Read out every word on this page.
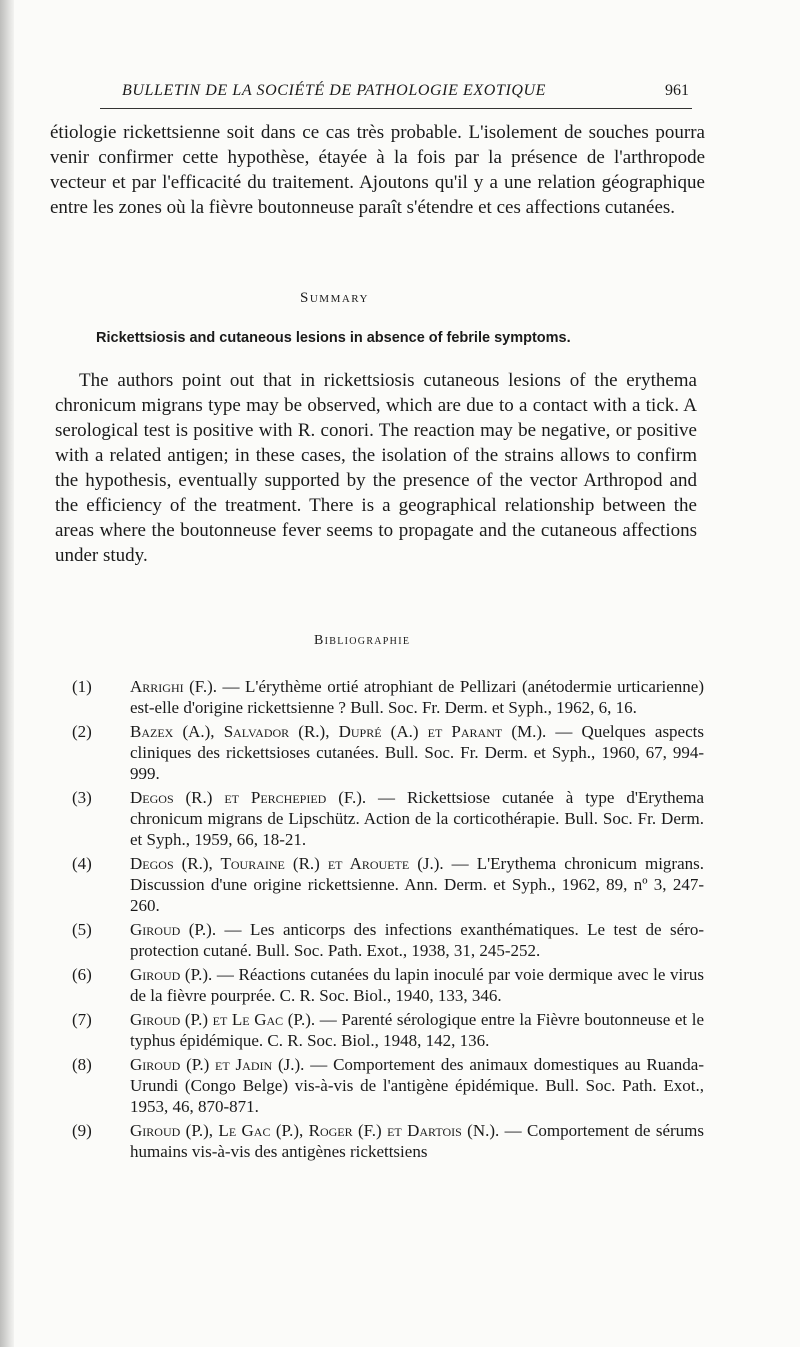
BULLETIN DE LA SOCIÉTÉ DE PATHOLOGIE EXOTIQUE	961

étiologie rickettsienne soit dans ce cas très probable. L'isolement de souches pourra venir confirmer cette hypothèse, étayée à la fois par la présence de l'arthropode vecteur et par l'efficacité du traitement. Ajoutons qu'il y a une relation géographique entre les zones où la fièvre boutonneuse paraît s'étendre et ces affections cutanées.

Summary
Rickettsiosis and cutaneous lesions in absence of febrile symptoms.

The authors point out that in rickettsiosis cutaneous lesions of the erythema chronicum migrans type may be observed, which are due to a contact with a tick. A serological test is positive with R. conori. The reaction may be negative, or positive with a related antigen; in these cases, the isolation of the strains allows to confirm the hypothesis, eventually supported by the presence of the vector Arthropod and the efficiency of the treatment. There is a geographical relationship between the areas where the boutonneuse fever seems to propagate and the cutaneous affections under study.

Bibliographie
(1) Arrighi (F.). — L'érythème ortié atrophiant de Pellizari (anétodermie urticarienne) est-elle d'origine rickettsienne ? Bull. Soc. Fr. Derm. et Syph., 1962, 6, 16.
(2) Bazex (A.), Salvador (R.), Dupré (A.) et Parant (M.). — Quelques aspects cliniques des rickettsioses cutanées. Bull. Soc. Fr. Derm. et Syph., 1960, 67, 994-999.
(3) Degos (R.) et Perchepied (F.). — Rickettsiose cutanée à type d'Erythema chronicum migrans de Lipschütz. Action de la corticothérapie. Bull. Soc. Fr. Derm. et Syph., 1959, 66, 18-21.
(4) Degos (R.), Touraine (R.) et Arouete (J.). — L'Erythema chronicum migrans. Discussion d'une origine rickettsienne. Ann. Derm. et Syph., 1962, 89, nº 3, 247-260.
(5) Giroud (P.). — Les anticorps des infections exanthématiques. Le test de séro-protection cutané. Bull. Soc. Path. Exot., 1938, 31, 245-252.
(6) Giroud (P.). — Réactions cutanées du lapin inoculé par voie dermique avec le virus de la fièvre pourprée. C. R. Soc. Biol., 1940, 133, 346.
(7) Giroud (P.) et Le Gac (P.). — Parenté sérologique entre la Fièvre boutonneuse et le typhus épidémique. C. R. Soc. Biol., 1948, 142, 136.
(8) Giroud (P.) et Jadin (J.). — Comportement des animaux domestiques au Ruanda-Urundi (Congo Belge) vis-à-vis de l'antigène épidémique. Bull. Soc. Path. Exot., 1953, 46, 870-871.
(9) Giroud (P.), Le Gac (P.), Roger (F.) et Dartois (N.). — Comportement de sérums humains vis-à-vis des antigènes rickettsiens
